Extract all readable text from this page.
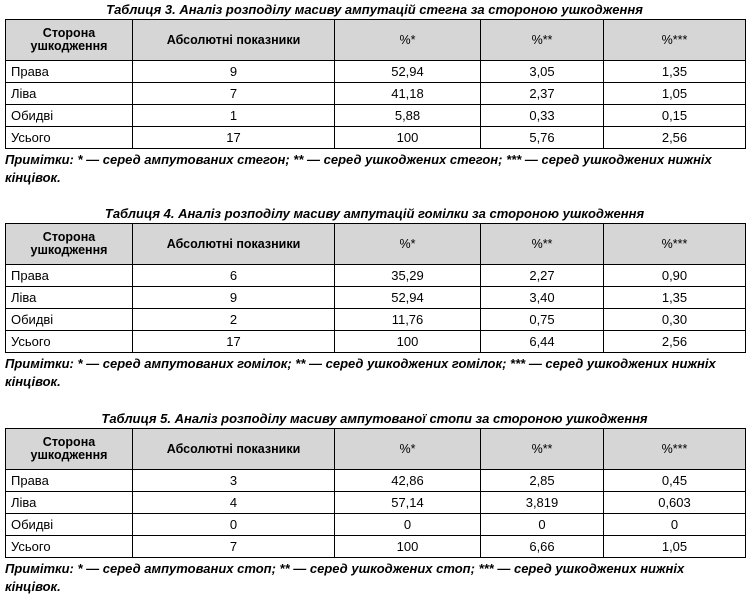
Таблиця 3. Аналіз розподілу масиву ампутацій стегна за стороною ушкодження
Сторона ушкодження	Абсолютні показники	%*	%**	%***
Права	9	52,94	3,05	1,35
Ліва	7	41,18	2,37	1,05
Обидві	1	5,88	0,33	0,15
Усього	17	100	5,76	2,56
Примітки: * — серед ампутованих стегон; ** — серед ушкоджених стегон; *** — серед ушкоджених нижніх кінцівок.
Таблиця 4. Аналіз розподілу масиву ампутацій гомілки за стороною ушкодження
Сторона ушкодження	Абсолютні показники	%*	%**	%***
Права	6	35,29	2,27	0,90
Ліва	9	52,94	3,40	1,35
Обидві	2	11,76	0,75	0,30
Усього	17	100	6,44	2,56
Примітки: * — серед ампутованих гомілок; ** — серед ушкоджених гомілок; *** — серед ушкоджених нижніх кінцівок.
Таблиця 5. Аналіз розподілу масиву ампутованої стопи за стороною ушкодження
Сторона ушкодження	Абсолютні показники	%*	%**	%***
Права	3	42,86	2,85	0,45
Ліва	4	57,14	3,819	0,603
Обидві	0	0	0	0
Усього	7	100	6,66	1,05
Примітки: * — серед ампутованих стоп; ** — серед ушкоджених стоп; *** — серед ушкоджених нижніх кінцівок.
